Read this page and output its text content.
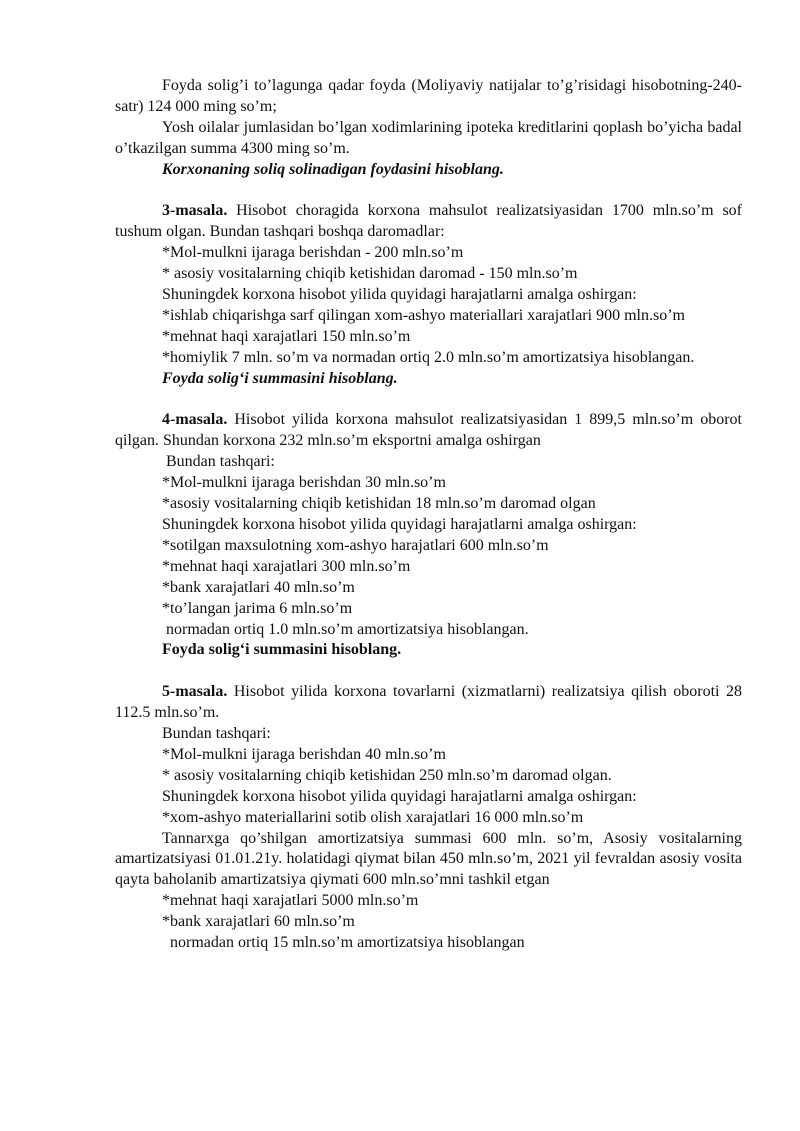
Foyda solig’i to’lagunga qadar foyda (Moliyaviy natijalar to’g’risidagi hisobotning-240-satr) 124 000 ming so’m;

Yosh oilalar jumlasidan bo’lgan xodimlarining ipoteka kreditlarini qoplash bo’yicha badal o’tkazilgan summa 4300 ming so’m.

Korxonaning soliq solinadigan foydasini hisoblang.

3-masala. Hisobot choragida korxona mahsulot realizatsiyasidan 1700 mln.so’m sof tushum olgan. Bundan tashqari boshqa daromadlar:

*Mol-mulkni ijaraga berishdan - 200 mln.so’m

* asosiy vositalarning chiqib ketishidan daromad - 150 mln.so’m

Shuningdek korxona hisobot yilida quyidagi harajatlarni amalga oshirgan:

*ishlab chiqarishga sarf qilingan xom-ashyo materiallari xarajatlari 900 mln.so’m

*mehnat haqi xarajatlari 150 mln.so’m

*homiylik 7 mln. so’m va normadan ortiq 2.0 mln.so’m amortizatsiya hisoblangan.

Foyda solig‘i summasini hisoblang.

4-masala. Hisobot yilida korxona mahsulot realizatsiyasidan 1 899,5 mln.so’m oborot qilgan. Shundan korxona 232 mln.so’m eksportni amalga oshirgan

Bundan tashqari:

*Mol-mulkni ijaraga berishdan 30 mln.so’m

*asosiy vositalarning chiqib ketishidan 18 mln.so’m daromad olgan

Shuningdek korxona hisobot yilida quyidagi harajatlarni amalga oshirgan:

*sotilgan maxsulotning xom-ashyo harajatlari 600 mln.so’m

*mehnat haqi xarajatlari 300 mln.so’m

*bank xarajatlari 40 mln.so’m

*to’langan jarima 6 mln.so’m

normadan ortiq 1.0 mln.so’m amortizatsiya hisoblangan.

Foyda solig‘i summasini hisoblang.

5-masala. Hisobot yilida korxona tovarlarni (xizmatlarni) realizatsiya qilish oboroti 28 112.5 mln.so’m.

Bundan tashqari:

*Mol-mulkni ijaraga berishdan 40 mln.so’m

* asosiy vositalarning chiqib ketishidan 250 mln.so’m daromad olgan.

Shuningdek korxona hisobot yilida quyidagi harajatlarni amalga oshirgan:

*xom-ashyo materiallarini sotib olish xarajatlari 16 000 mln.so’m

Tannarxga qo’shilgan amortizatsiya summasi 600 mln. so’m, Asosiy vositalarning amartizatsiyasi 01.01.21y. holatidagi qiymat bilan 450 mln.so’m, 2021 yil fevraldan asosiy vosita qayta baholanib amartizatsiya qiymati 600 mln.so’mni tashkil etgan

*mehnat haqi xarajatlari 5000 mln.so’m

*bank xarajatlari 60 mln.so’m

normadan ortiq 15 mln.so’m amortizatsiya hisoblangan
